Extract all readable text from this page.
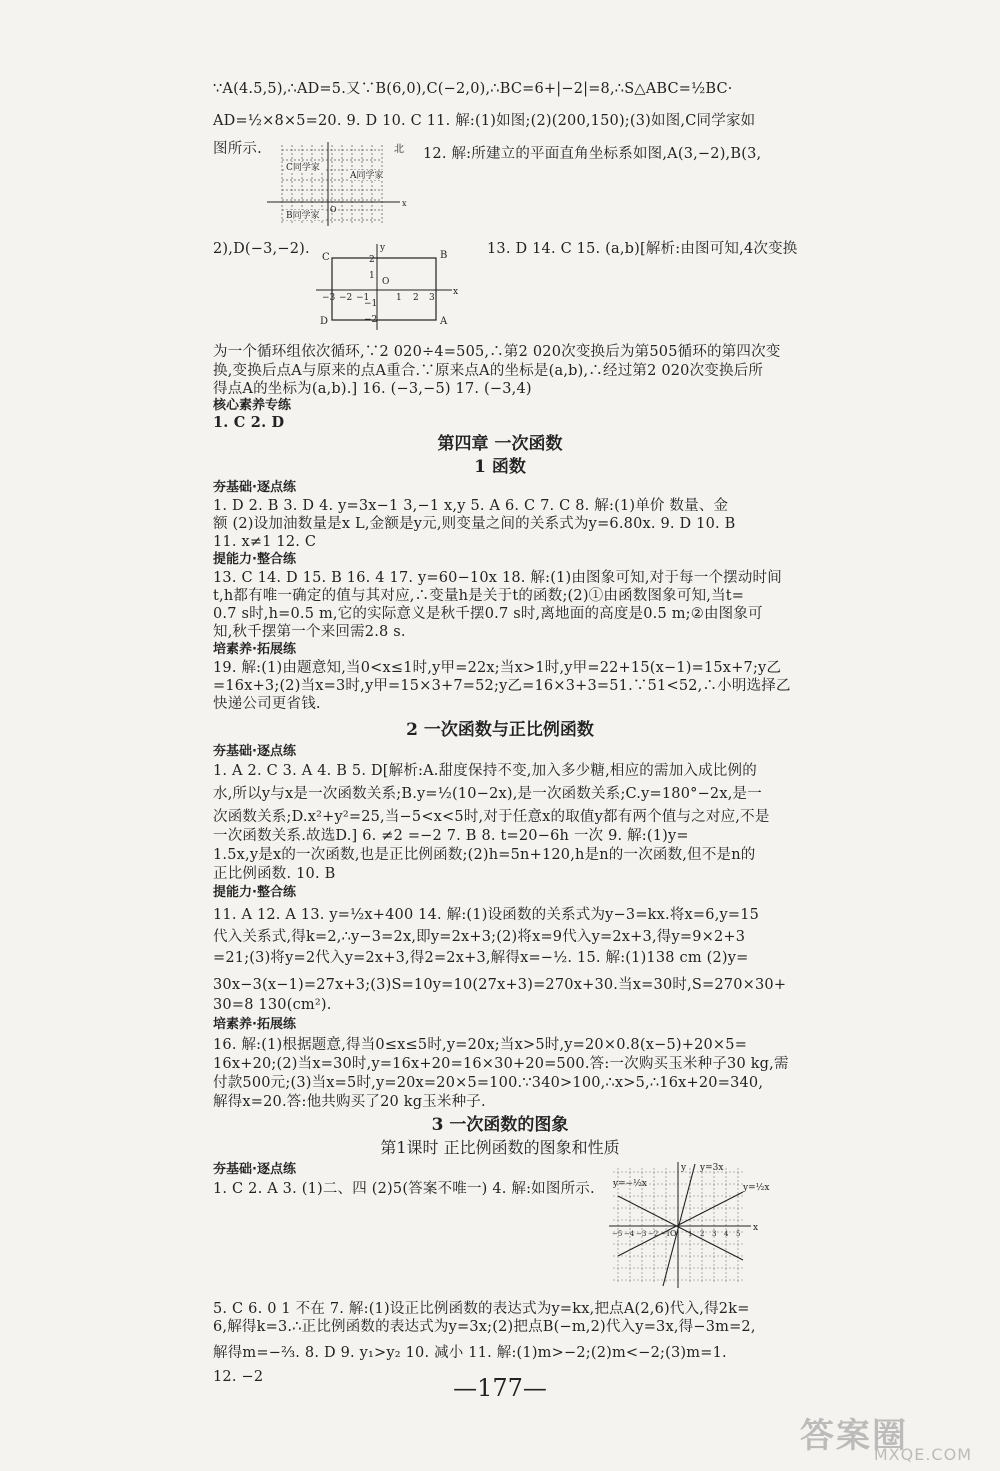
∵A(4.5,5),∴AD=5.又∵B(6,0),C(−2,0),∴BC=6+|−2|=8,∴S△ABC=½BC·
AD=½×8×5=20. 9. D 10. C 11. 解:(1)如图;(2)(200,150);(3)如图,C同学家如
图所示.	12. 解:所建立的平面直角坐标系如图,A(3,−2),B(3,
C同学家
A同学家
B同学家
北
O
x
2),D(−3,−2).
C	B
D	A
O
y
x
−3 −2 −1	1 2 3
2
1
−1
−2
13. D 14. C 15. (a,b)[解析:由图可知,4次变换
为一个循环组依次循环,∵2 020÷4=505,∴第2 020次变换后为第505循环的第四次变
换,变换后点A与原来的点A重合.∵原来点A的坐标是(a,b),∴经过第2 020次变换后所
得点A的坐标为(a,b).] 16. (−3,−5) 17. (−3,4)
核心素养专练
1. C 2. D
第四章 一次函数
1 函数
夯基础·逐点练
1. D 2. B 3. D 4. y=3x−1 3,−1 x,y 5. A 6. C 7. C 8. 解:(1)单价 数量、金
额 (2)设加油数量是x L,金额是y元,则变量之间的关系式为y=6.80x. 9. D 10. B
11. x≠1 12. C
提能力·整合练
13. C 14. D 15. B 16. 4 17. y=60−10x 18. 解:(1)由图象可知,对于每一个摆动时间
t,h都有唯一确定的值与其对应,∴变量h是关于t的函数;(2)①由函数图象可知,当t=
0.7 s时,h=0.5 m,它的实际意义是秋千摆0.7 s时,离地面的高度是0.5 m;②由图象可
知,秋千摆第一个来回需2.8 s.
培素养·拓展练
19. 解:(1)由题意知,当0<x≤1时,y甲=22x;当x>1时,y甲=22+15(x−1)=15x+7;y乙
=16x+3;(2)当x=3时,y甲=15×3+7=52;y乙=16×3+3=51.∵51<52,∴小明选择乙
快递公司更省钱.
2 一次函数与正比例函数
夯基础·逐点练
1. A 2. C 3. A 4. B 5. D[解析:A.甜度保持不变,加入多少糖,相应的需加入成比例的
水,所以y与x是一次函数关系;B.y=½(10−2x),是一次函数关系;C.y=180°−2x,是一
次函数关系;D.x²+y²=25,当−5<x<5时,对于任意x的取值y都有两个值与之对应,不是
一次函数关系.故选D.] 6. ≠2 =−2 7. B 8. t=20−6h 一次 9. 解:(1)y=
1.5x,y是x的一次函数,也是正比例函数;(2)h=5n+120,h是n的一次函数,但不是n的
正比例函数. 10. B
提能力·整合练
11. A 12. A 13. y=½x+400 14. 解:(1)设函数的关系式为y−3=kx.将x=6,y=15
代入关系式,得k=2,∴y−3=2x,即y=2x+3;(2)将x=9代入y=2x+3,得y=9×2+3
=21;(3)将y=2代入y=2x+3,得2=2x+3,解得x=−½. 15. 解:(1)138 cm (2)y=
30x−3(x−1)=27x+3;(3)S=10y=10(27x+3)=270x+30.当x=30时,S=270×30+
30=8 130(cm²).
培素养·拓展练
16. 解:(1)根据题意,得当0≤x≤5时,y=20x;当x>5时,y=20×0.8(x−5)+20×5=
16x+20;(2)当x=30时,y=16x+20=16×30+20=500.答:一次购买玉米种子30 kg,需
付款500元;(3)当x=5时,y=20x=20×5=100.∵340>100,∴x>5,∴16x+20=340,
解得x=20.答:他共购买了20 kg玉米种子.
3 一次函数的图象
第1课时 正比例函数的图象和性质
夯基础·逐点练
1. C 2. A 3. (1)二、四 (2)5(答案不唯一) 4. 解:如图所示.
y=3x
y=−½x	y=½x
x
y
O
−5 −4 −3 −2 −1	1 2 3 4 5
5. C 6. 0 1 不在 7. 解:(1)设正比例函数的表达式为y=kx,把点A(2,6)代入,得2k=
6,解得k=3.∴正比例函数的表达式为y=3x;(2)把点B(−m,2)代入y=3x,得−3m=2,
解得m=−⅔. 8. D 9. y₁>y₂ 10. 减小 11. 解:(1)m>−2;(2)m<−2;(3)m=1.
12. −2	—177—
答案圈
MXQE.COM
